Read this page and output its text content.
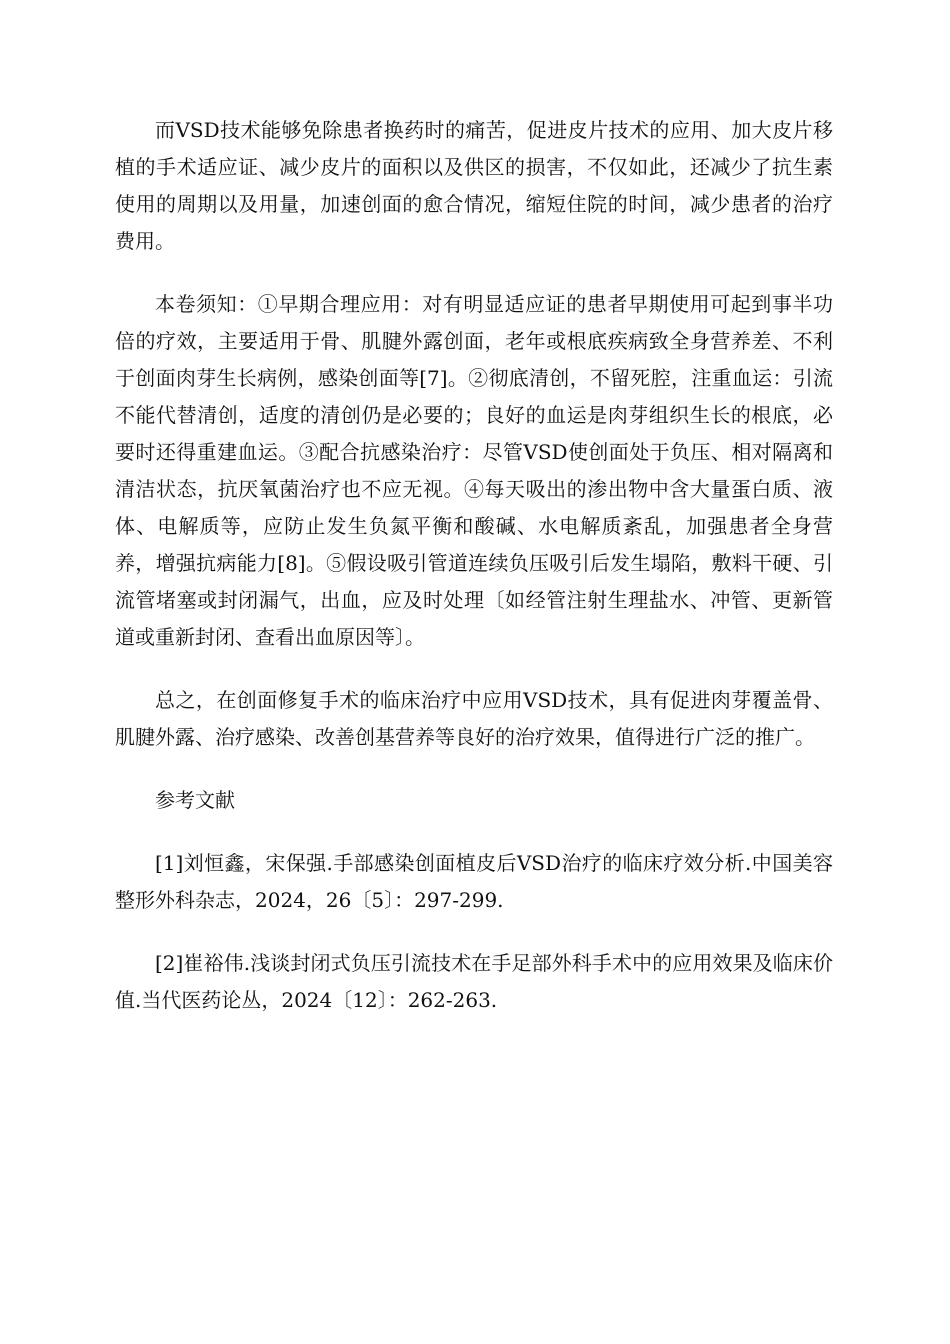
而VSD技术能够免除患者换药时的痛苦，促进皮片技术的应用、加大皮片移植的手术适应证、减少皮片的面积以及供区的损害，不仅如此，还减少了抗生素使用的周期以及用量，加速创面的愈合情况，缩短住院的时间，减少患者的治疗费用。

本卷须知：①早期合理应用：对有明显适应证的患者早期使用可起到事半功倍的疗效，主要适用于骨、肌腱外露创面，老年或根底疾病致全身营养差、不利于创面肉芽生长病例，感染创面等[7]。②彻底清创，不留死腔，注重血运：引流不能代替清创，适度的清创仍是必要的；良好的血运是肉芽组织生长的根底，必要时还得重建血运。③配合抗感染治疗：尽管VSD使创面处于负压、相对隔离和清洁状态，抗厌氧菌治疗也不应无视。④每天吸出的渗出物中含大量蛋白质、液体、电解质等，应防止发生负氮平衡和酸碱、水电解质紊乱，加强患者全身营养，增强抗病能力[8]。⑤假设吸引管道连续负压吸引后发生塌陷，敷料干硬、引流管堵塞或封闭漏气，出血，应及时处理〔如经管注射生理盐水、冲管、更新管道或重新封闭、查看出血原因等〕。

总之，在创面修复手术的临床治疗中应用VSD技术，具有促进肉芽覆盖骨、肌腱外露、治疗感染、改善创基营养等良好的治疗效果，值得进行广泛的推广。

参考文献

[1]刘恒鑫，宋保强.手部感染创面植皮后VSD治疗的临床疗效分析.中国美容整形外科杂志，2024，26〔5〕：297-299.

[2]崔裕伟.浅谈封闭式负压引流技术在手足部外科手术中的应用效果及临床价值.当代医药论丛，2024〔12〕：262-263.
